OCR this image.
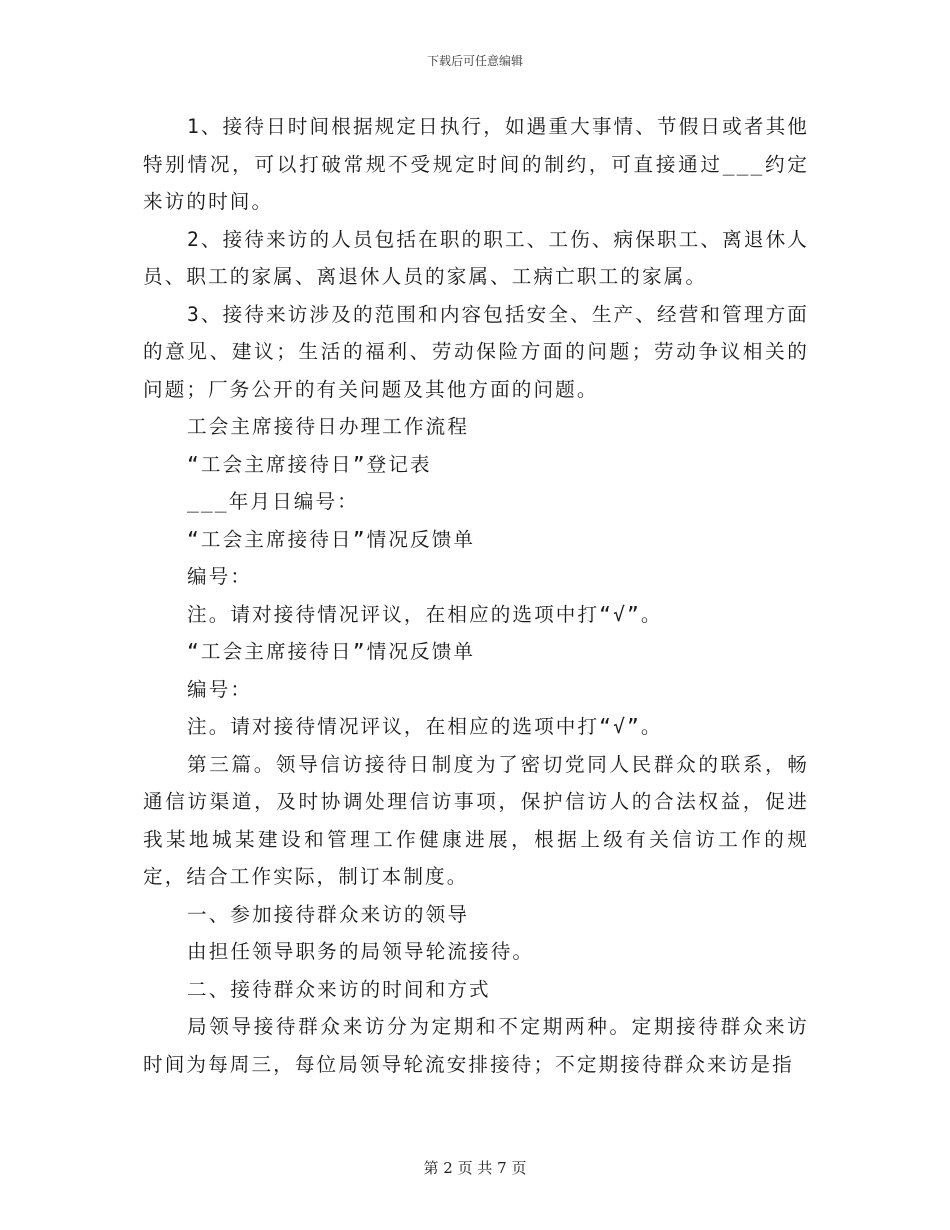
下载后可任意编辑

1、接待日时间根据规定日执行，如遇重大事情、节假日或者其他特别情况，可以打破常规不受规定时间的制约，可直接通过___约定来访的时间。

2、接待来访的人员包括在职的职工、工伤、病保职工、离退休人员、职工的家属、离退休人员的家属、工病亡职工的家属。

3、接待来访涉及的范围和内容包括安全、生产、经营和管理方面的意见、建议；生活的福利、劳动保险方面的问题；劳动争议相关的问题；厂务公开的有关问题及其他方面的问题。

工会主席接待日办理工作流程

“工会主席接待日”登记表

___年月日编号：

“工会主席接待日”情况反馈单

编号：

注。请对接待情况评议，在相应的选项中打“√”。

“工会主席接待日”情况反馈单

编号：

注。请对接待情况评议，在相应的选项中打“√”。

第三篇。领导信访接待日制度为了密切党同人民群众的联系，畅通信访渠道，及时协调处理信访事项，保护信访人的合法权益，促进我某地城某建设和管理工作健康进展，根据上级有关信访工作的规定，结合工作实际，制订本制度。

一、参加接待群众来访的领导

由担任领导职务的局领导轮流接待。

二、接待群众来访的时间和方式

局领导接待群众来访分为定期和不定期两种。定期接待群众来访时间为每周三，每位局领导轮流安排接待；不定期接待群众来访是指

第 2 页 共 7 页
